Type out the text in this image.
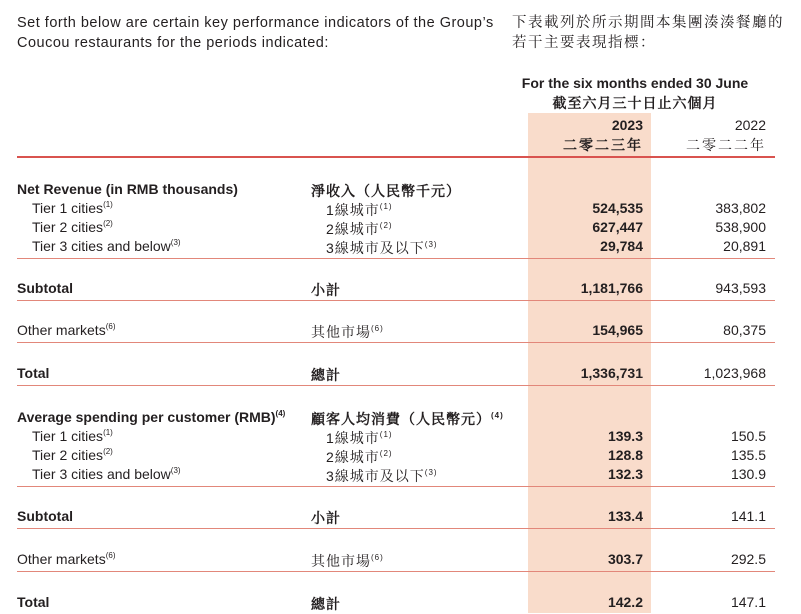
Set forth below are certain key performance indicators of the Group’s
Coucou restaurants for the periods indicated:
下表載列於所示期間本集團湊湊餐廳的
若干主要表現指標：
For the six months ended 30 June
截至六月三十日止六個月
2023	2022
二零二三年	二零二二年
Net Revenue (in RMB thousands)	淨收入（人民幣千元）
Tier 1 cities$^{(1)}$	1線城市$^{(1)}$	524,535	383,802
Tier 2 cities$^{(2)}$	2線城市$^{(2)}$	627,447	538,900
Tier 3 cities and below$^{(3)}$	3線城市及以下$^{(3)}$	29,784	20,891
Subtotal	小計	1,181,766	943,593
Other markets$^{(6)}$	其他市場$^{(6)}$	154,965	80,375
Total	總計	1,336,731	1,023,968
Average spending per customer (RMB)$^{(4)}$ 顧客人均消費（人民幣元）$^{(4)}$
Tier 1 cities$^{(1)}$	1線城市$^{(1)}$	139.3	150.5
Tier 2 cities$^{(2)}$	2線城市$^{(2)}$	128.8	135.5
Tier 3 cities and below$^{(3)}$	3線城市及以下$^{(3)}$	132.3	130.9
Subtotal	小計	133.4	141.1
Other markets$^{(6)}$	其他市場$^{(6)}$	303.7	292.5
Total	總計	142.2	147.1
